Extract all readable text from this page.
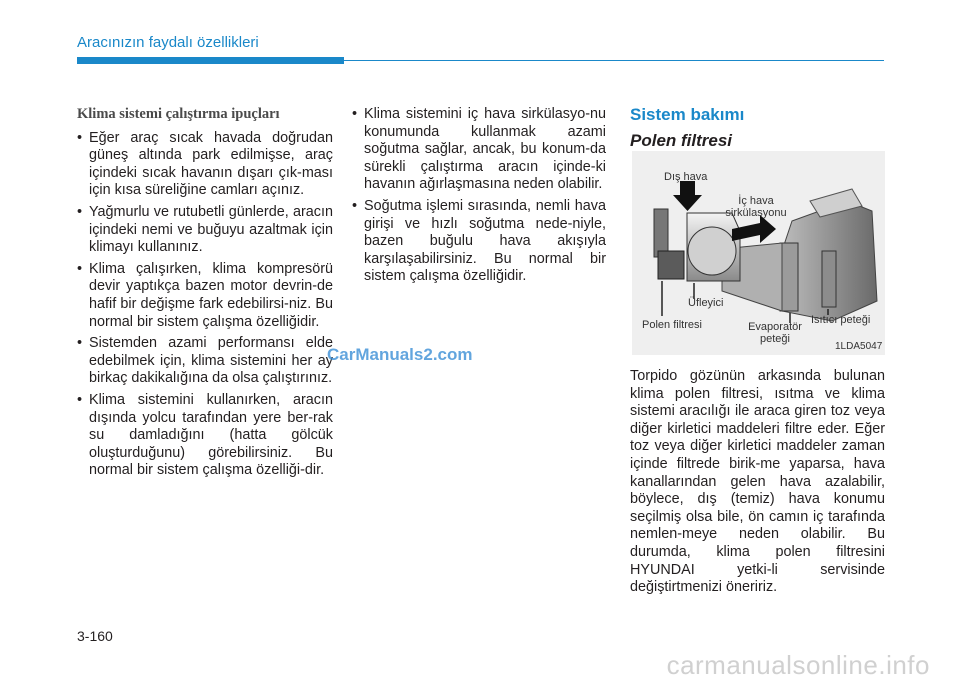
Aracınızın faydalı özellikleri
Klima sistemi çalıştırma ipuçları
• Eğer araç sıcak havada doğrudan güneş altında park edilmişse, araç içindeki sıcak havanın dışarı çık-ması için kısa süreliğine camları açınız.
• Yağmurlu ve rutubetli günlerde, aracın içindeki nemi ve buğuyu azaltmak için klimayı kullanınız.
• Klima çalışırken, klima kompresörü devir yaptıkça bazen motor devrin-de hafif bir değişme fark edebilirsi-niz. Bu normal bir sistem çalışma özelliğidir.
• Sistemden azami performansı elde edebilmek için, klima sistemini her ay birkaç dakikalığına da olsa çalıştırınız.
• Klima sistemini kullanırken, aracın dışında yolcu tarafından yere ber-rak su damladığını (hatta gölcük oluşturduğunu) görebilirsiniz. Bu normal bir sistem çalışma özelliği-dir.
• Klima sistemini iç hava sirkülasyo-nu konumunda kullanmak azami soğutma sağlar, ancak, bu konum-da sürekli çalıştırma aracın içinde-ki havanın ağırlaşmasına neden olabilir.
• Soğutma işlemi sırasında, nemli hava girişi ve hızlı soğutma nede-niyle, bazen buğulu hava akışıyla karşılaşabilirsiniz. Bu normal bir sistem çalışma özelliğidir.
Sistem bakımı
Polen filtresi
Dış hava
İç hava sirkülasyonu
Üfleyici
Polen filtresi	Evaporatör peteği
Isıtıcı peteği
1LDA5047
Torpido gözünün arkasında bulunan klima polen filtresi, ısıtma ve klima sistemi aracılığı ile araca giren toz veya diğer kirletici maddeleri filtre eder. Eğer toz veya diğer kirletici maddeler zaman içinde filtrede birik-me yaparsa, hava kanallarından gelen hava azalabilir, böylece, dış (temiz) hava konumu seçilmiş olsa bile, ön camın iç tarafında nemlen-meye neden olabilir. Bu durumda, klima polen filtresini HYUNDAI yetki-li servisinde değiştirtmenizi öneririz.
3-160
CarManuals2.com
carmanualsonline.info
